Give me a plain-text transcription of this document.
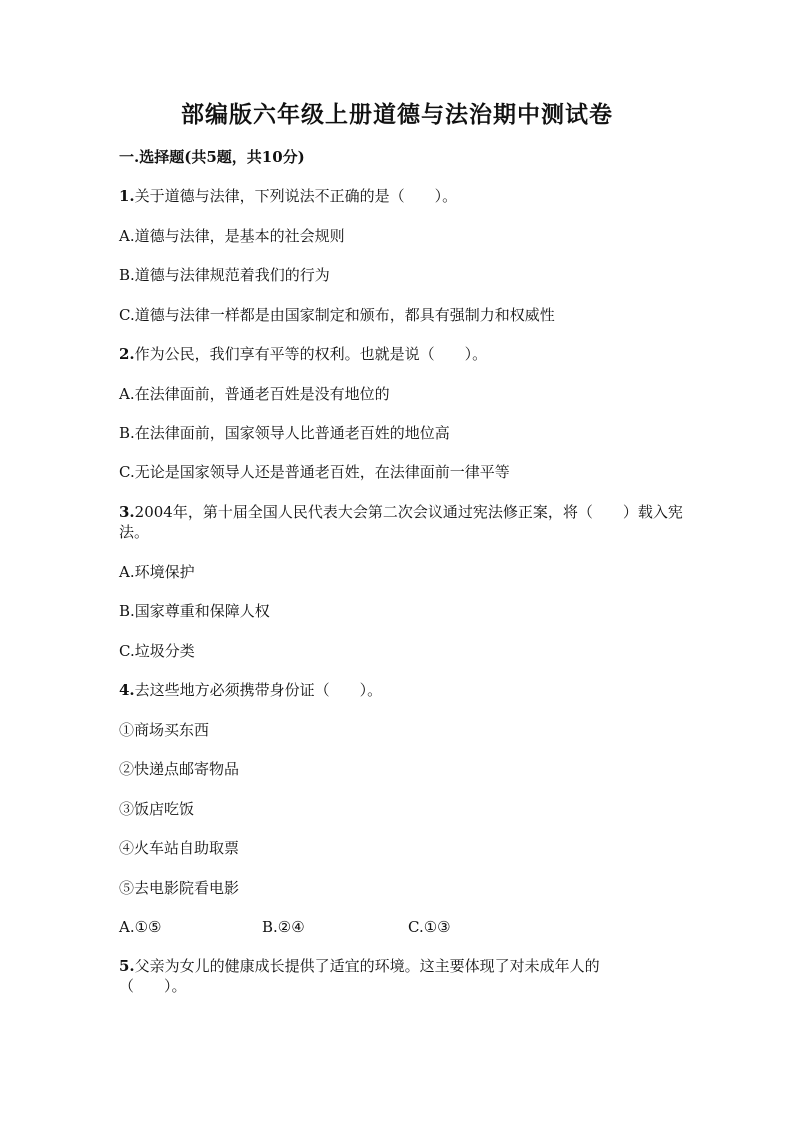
部编版六年级上册道德与法治期中测试卷
一.选择题(共5题，共10分)
1.关于道德与法律，下列说法不正确的是（　　）。
A.道德与法律，是基本的社会规则
B.道德与法律规范着我们的行为
C.道德与法律一样都是由国家制定和颁布，都具有强制力和权威性
2.作为公民，我们享有平等的权利。也就是说（　　）。
A.在法律面前，普通老百姓是没有地位的
B.在法律面前，国家领导人比普通老百姓的地位高
C.无论是国家领导人还是普通老百姓，在法律面前一律平等
3.2004年，第十届全国人民代表大会第二次会议通过宪法修正案，将（　　）载入宪法。
A.环境保护
B.国家尊重和保障人权
C.垃圾分类
4.去这些地方必须携带身份证（　　）。
①商场买东西
②快递点邮寄物品
③饭店吃饭
④火车站自助取票
⑤去电影院看电影
A.①⑤	B.②④	C.①③
5.父亲为女儿的健康成长提供了适宜的环境。这主要体现了对未成年人的（　　）。
